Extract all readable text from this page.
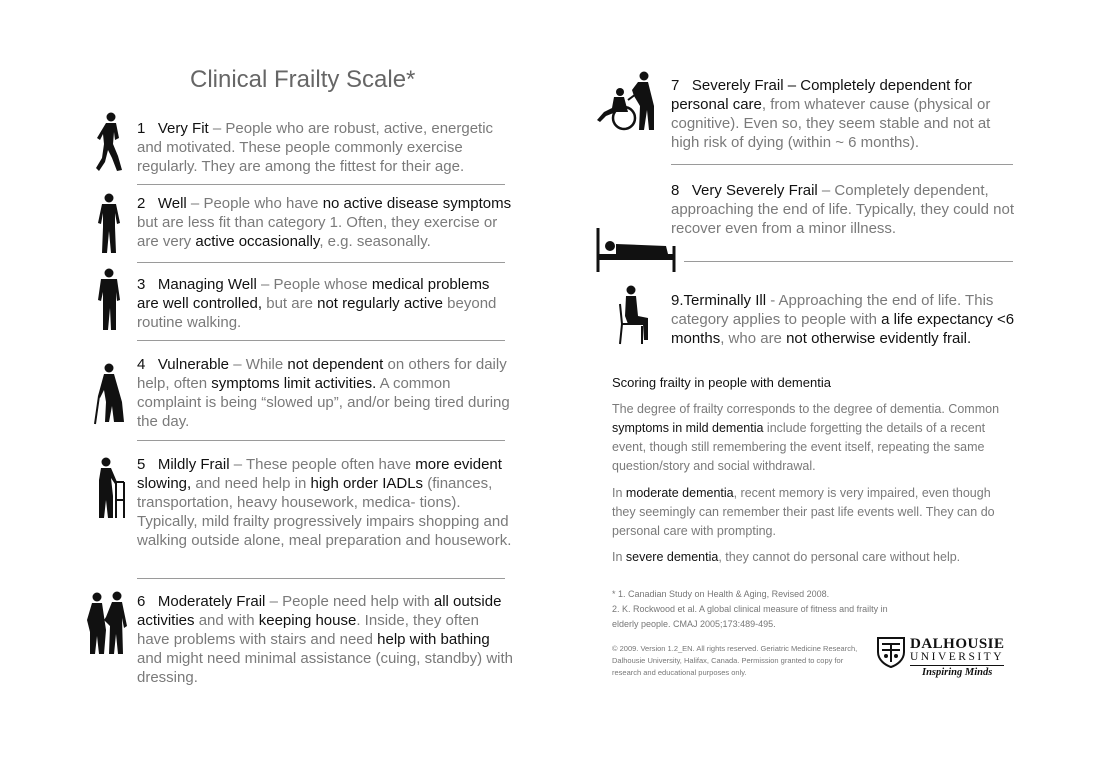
Clinical Frailty Scale*
1 Very Fit – People who are robust, active, energetic and motivated. These people commonly exercise regularly. They are among the fittest for their age.
2 Well – People who have no active disease symptoms but are less fit than category 1. Often, they exercise or are very active occasionally, e.g. seasonally.
3 Managing Well – People whose medical problems are well controlled, but are not regularly active beyond routine walking.
4 Vulnerable – While not dependent on others for daily help, often symptoms limit activities. A common complaint is being “slowed up”, and/or being tired during the day.
5 Mildly Frail – These people often have more evident slowing, and need help in high order IADLs (finances, transportation, heavy housework, medica- tions). Typically, mild frailty progressively impairs shopping and walking outside alone, meal preparation and housework.
6 Moderately Frail – People need help with all outside activities and with keeping house. Inside, they often have problems with stairs and need help with bathing and might need minimal assistance (cuing, standby) with dressing.
7 Severely Frail – Completely dependent for personal care, from whatever cause (physical or cognitive). Even so, they seem stable and not at high risk of dying (within ~ 6 months).
8 Very Severely Frail – Completely dependent, approaching the end of life. Typically, they could not recover even from a minor illness.
9.Terminally Ill - Approaching the end of life. This category applies to people with a life expectancy <6 months, who are not otherwise evidently frail.
Scoring frailty in people with dementia
The degree of frailty corresponds to the degree of dementia. Common symptoms in mild dementia include forgetting the details of a recent event, though still remembering the event itself, repeating the same question/story and social withdrawal.
In moderate dementia, recent memory is very impaired, even though they seemingly can remember their past life events well. They can do personal care with prompting.
In severe dementia, they cannot do personal care without help.
* 1. Canadian Study on Health & Aging, Revised 2008.
2. K. Rockwood et al. A global clinical measure of fitness and frailty in elderly people. CMAJ 2005;173:489-495.
© 2009. Version 1.2_EN. All rights reserved. Geriatric Medicine Research, Dalhousie University, Halifax, Canada. Permission granted to copy for research and educational purposes only.
DALHOUSIE
UNIVERSITY
Inspiring Minds
